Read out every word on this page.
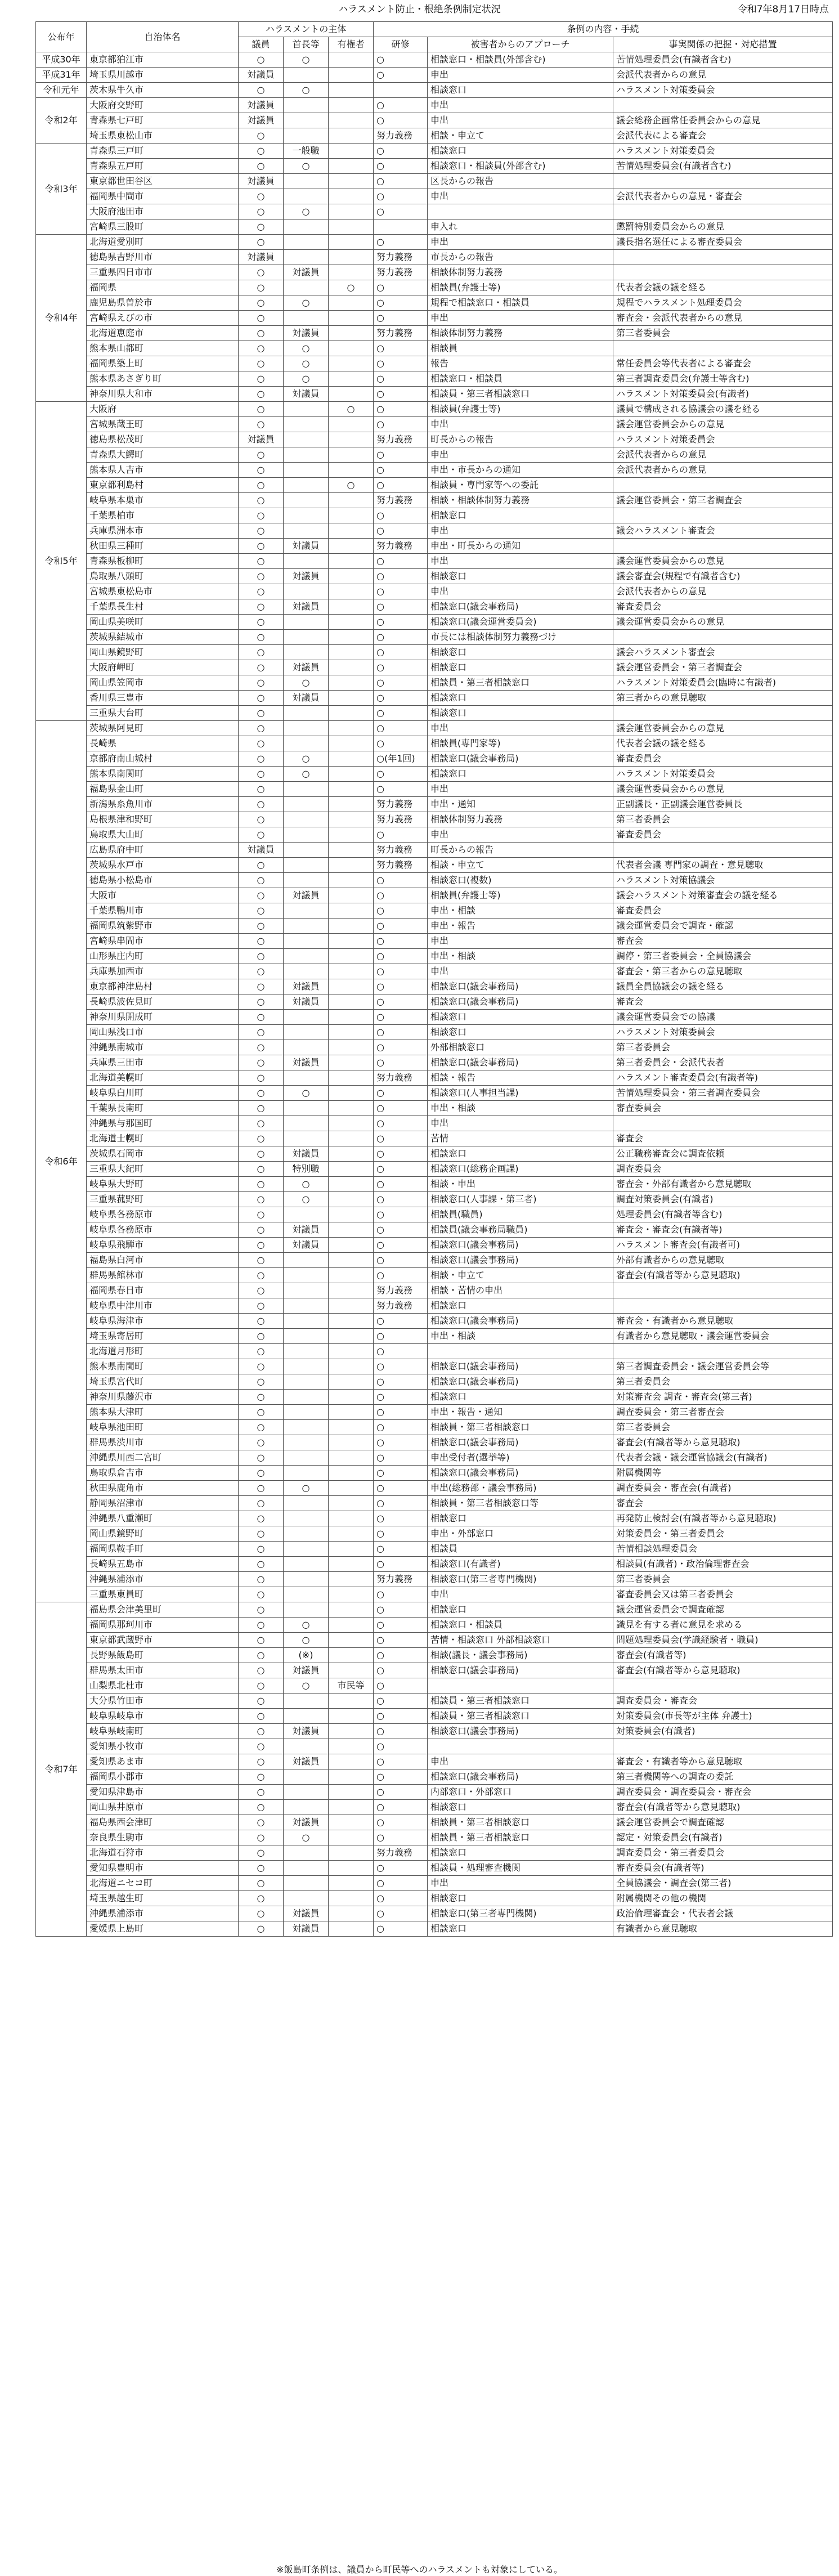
ハラスメント防止・根絶条例制定状況	令和7年8月17日時点
公布年	自治体名	ハラスメントの主体			条例の内容・手続		
		議員	首長等	有権者	研修	被害者からのアプローチ	事実関係の把握・対応措置
平成30年	東京都狛江市	○	○		○	相談窓口・相談員(外部含む)	苦情処理委員会(有識者含む)
平成31年	埼玉県川越市	対議員			○	申出	会派代表者からの意見
令和元年	茨木県牛久市	○	○			相談窓口	ハラスメント対策委員会
令和2年	大阪府交野町	対議員			○	申出	
	青森県七戸町	対議員			○	申出	議会総務企画常任委員会からの意見
	埼玉県東松山市	○			努力義務	相談・申立て	会派代表による審査会
令和3年	青森県三戸町	○	一般職		○	相談窓口	ハラスメント対策委員会
	青森県五戸町	○	○		○	相談窓口・相談員(外部含む)	苦情処理委員会(有識者含む)
	東京都世田谷区	対議員			○	区長からの報告	
	福岡県中間市	○			○	申出	会派代表者からの意見・審査会
	大阪府池田市	○	○		○		
	宮崎県三股町	○				申入れ	懲罰特別委員会からの意見
令和4年	北海道愛別町	○			○	申出	議長指名選任による審査委員会
	徳島県吉野川市	対議員			努力義務	市長からの報告	
	三重県四日市市	○	対議員		努力義務	相談体制努力義務	
	福岡県	○		○	○	相談員(弁護士等)	代表者会議の議を経る
	鹿児島県曽於市	○	○		○	規程で相談窓口・相談員	規程でハラスメント処理委員会
	宮崎県えびの市	○			○	申出	審査会・会派代表者からの意見
	北海道恵庭市	○	対議員		努力義務	相談体制努力義務	第三者委員会
	熊本県山都町	○	○		○	相談員	
	福岡県築上町	○	○		○	報告	常任委員会等代表者による審査会
	熊本県あさぎり町	○	○		○	相談窓口・相談員	第三者調査委員会(弁護士等含む)
	神奈川県大和市	○	対議員		○	相談員・第三者相談窓口	ハラスメント対策委員会(有識者)
令和5年	大阪府	○		○	○	相談員(弁護士等)	議員で構成される協議会の議を経る
	宮城県蔵王町	○			○	申出	議会運営委員会からの意見
	徳島県松茂町	対議員			努力義務	町長からの報告	ハラスメント対策委員会
	青森県大鰐町	○			○	申出	会派代表者からの意見
	熊本県人吉市	○			○	申出・市長からの通知	会派代表者からの意見
	東京都利島村	○		○	○	相談員・専門家等への委託	
	岐阜県本巣市	○			努力義務	相談・相談体制努力義務	議会運営委員会・第三者調査会
	千葉県柏市	○			○	相談窓口	
	兵庫県洲本市	○			○	申出	議会ハラスメント審査会
	秋田県三種町	○	対議員		努力義務	申出・町長からの通知	
	青森県板柳町	○			○	申出	議会運営委員会からの意見
	鳥取県八頭町	○	対議員		○	相談窓口	議会審査会(規程で有識者含む)
	宮城県東松島市	○			○	申出	会派代表者からの意見
	千葉県長生村	○	対議員		○	相談窓口(議会事務局)	審査委員会
	岡山県美咲町	○			○	相談窓口(議会運営委員会)	議会運営委員会からの意見
	茨城県結城市	○			○	市長には相談体制努力義務づけ	
	岡山県鏡野町	○			○	相談窓口	議会ハラスメント審査会
	大阪府岬町	○	対議員		○	相談窓口	議会運営委員会・第三者調査会
	岡山県笠岡市	○	○		○	相談員・第三者相談窓口	ハラスメント対策委員会(臨時に有識者)
	香川県三豊市	○	対議員		○	相談窓口	第三者からの意見聴取
	三重県大台町	○			○	相談窓口	
令和6年	茨城県阿見町	○			○	申出	議会運営委員会からの意見
	長崎県	○			○	相談員(専門家等)	代表者会議の議を経る
	京都府南山城村	○	○		○(年1回)	相談窓口(議会事務局)	審査委員会
	熊本県南関町	○	○		○	相談窓口	ハラスメント対策委員会
	福島県金山町	○			○	申出	議会運営委員会からの意見
	新潟県糸魚川市	○			努力義務	申出・通知	正副議長・正副議会運営委員長
	島根県津和野町	○			努力義務	相談体制努力義務	第三者委員会
	鳥取県大山町	○			○	申出	審査委員会
	広島県府中町	対議員			努力義務	町長からの報告	
	茨城県水戸市	○			努力義務	相談・申立て	代表者会議 専門家の調査・意見聴取
	徳島県小松島市	○			○	相談窓口(複数)	ハラスメント対策協議会
	大阪市	○	対議員		○	相談員(弁護士等)	議会ハラスメント対策審査会の議を経る
	千葉県鴨川市	○			○	申出・相談	審査委員会
	福岡県筑紫野市	○			○	申出・報告	議会運営委員会で調査・確認
	宮崎県串間市	○			○	申出	審査会
	山形県庄内町	○			○	申出・相談	調停・第三者委員会・全員協議会
	兵庫県加西市	○			○	申出	審査会・第三者からの意見聴取
	東京都神津島村	○	対議員		○	相談窓口(議会事務局)	議員全員協議会の議を経る
	長崎県波佐見町	○	対議員		○	相談窓口(議会事務局)	審査会
	神奈川県開成町	○			○	相談窓口	議会運営委員会での協議
	岡山県浅口市	○			○	相談窓口	ハラスメント対策委員会
	沖縄県南城市	○			○	外部相談窓口	第三者委員会
	兵庫県三田市	○	対議員		○	相談窓口(議会事務局)	第三者委員会・会派代表者
	北海道美幌町	○			努力義務	相談・報告	ハラスメント審査委員会(有識者等)
	岐阜県白川町	○	○		○	相談窓口(人事担当課)	苦情処理委員会・第三者調査委員会
	千葉県長南町	○			○	申出・相談	審査委員会
	沖縄県与那国町	○			○	申出	
	北海道士幌町	○			○	苦情	審査会
	茨城県石岡市	○	対議員		○	相談窓口	公正職務審査会に調査依頼
	三重県大紀町	○	特別職		○	相談窓口(総務企画課)	調査委員会
	岐阜県大野町	○	○		○	相談・申出	審査会・外部有識者から意見聴取
	三重県菰野町	○	○		○	相談窓口(人事課・第三者)	調査対策委員会(有識者)
	岐阜県各務原市	○			○	相談員(職員)	処理委員会(有識者等含む)
	岐阜県各務原市	○	対議員		○	相談員(議会事務局職員)	審査会・審査会(有識者等)
	岐阜県飛騨市	○	対議員		○	相談窓口(議会事務局)	ハラスメント審査会(有識者可)
	福島県白河市	○			○	相談窓口(議会事務局)	外部有識者からの意見聴取
	群馬県館林市	○			○	相談・申立て	審査会(有識者等から意見聴取)
	福岡県春日市	○			努力義務	相談・苦情の申出	
	岐阜県中津川市	○			努力義務	相談窓口	
	岐阜県海津市	○			○	相談窓口(議会事務局)	審査会・有識者から意見聴取
	埼玉県寄居町	○			○	申出・相談	有識者から意見聴取・議会運営委員会
	北海道月形町	○			○		
	熊本県南関町	○			○	相談窓口(議会事務局)	第三者調査委員会・議会運営委員会等
	埼玉県宮代町	○			○	相談窓口(議会事務局)	第三者委員会
	神奈川県藤沢市	○			○	相談窓口	対策審査会 調査・審査会(第三者)
	熊本県大津町	○			○	申出・報告・通知	調査委員会・第三者審査会
	岐阜県池田町	○			○	相談員・第三者相談窓口	第三者委員会
	群馬県渋川市	○			○	相談窓口(議会事務局)	審査会(有識者等から意見聴取)
	沖縄県川西二宮町	○			○	申出受付者(選挙等)	代表者会議・議会運営協議会(有識者)
	鳥取県倉吉市	○			○	相談窓口(議会事務局)	附属機関等
	秋田県鹿角市	○	○		○	申出(総務部・議会事務局)	調査委員会・審査会(有識者)
	静岡県沼津市	○			○	相談員・第三者相談窓口等	審査会
	沖縄県八重瀬町	○			○	相談窓口	再発防止検討会(有識者等から意見聴取)
	岡山県鏡野町	○			○	申出・外部窓口	対策委員会・第三者委員会
	福岡県鞍手町	○			○	相談員	苦情相談処理委員会
	長崎県五島市	○			○	相談窓口(有識者)	相談員(有識者)・政治倫理審査会
	沖縄県浦添市	○			努力義務	相談窓口(第三者専門機関)	第三者委員会
	三重県東員町	○			○	申出	審査委員会又は第三者委員会
令和7年	福島県会津美里町	○			○	相談窓口	議会運営委員会で調査確認
	福岡県那珂川市	○	○		○	相談窓口・相談員	識見を有する者に意見を求める
	東京都武蔵野市	○	○		○	苦情・相談窓口 外部相談窓口	問題処理委員会(学識経験者・職員)
	長野県飯島町	○	(※)		○	相談(議長・議会事務局)	審査会(有識者等)
	群馬県太田市	○	対議員		○	相談窓口(議会事務局)	審査会(有識者等から意見聴取)
	山梨県北杜市	○	○	市民等	○		
	大分県竹田市	○			○	相談員・第三者相談窓口	調査委員会・審査会
	岐阜県岐阜市	○			○	相談員・第三者相談窓口	対策委員会(市長等が主体 弁護士)
	岐阜県岐南町	○	対議員		○	相談窓口(議会事務局)	対策委員会(有識者)
	愛知県小牧市	○			○		
	愛知県あま市	○	対議員		○	申出	審査会・有識者等から意見聴取
	福岡県小郡市	○			○	相談窓口(議会事務局)	第三者機関等への調査の委託
	愛知県津島市	○			○	内部窓口・外部窓口	調査委員会・調査委員会・審査会
	岡山県井原市	○			○	相談窓口	審査会(有識者等から意見聴取)
	福島県西会津町	○	対議員		○	相談員・第三者相談窓口	議会運営委員会で調査確認
	奈良県生駒市	○	○		○	相談員・第三者相談窓口	認定・対策委員会(有識者)
	北海道石狩市	○			努力義務	相談窓口	調査委員会・第三者委員会
	愛知県豊明市	○			○	相談員・処理審査機関	審査委員会(有識者等)
	北海道ニセコ町	○			○	申出	全員協議会・調査会(第三者)
	埼玉県越生町	○			○	相談窓口	附属機関その他の機関
	沖縄県浦添市	○	対議員		○	相談窓口(第三者専門機関)	政治倫理審査会・代表者会議
	愛媛県上島町	○	対議員		○	相談窓口	有識者から意見聴取
※飯島町条例は、議員から町民等へのハラスメントも対象にしている。
